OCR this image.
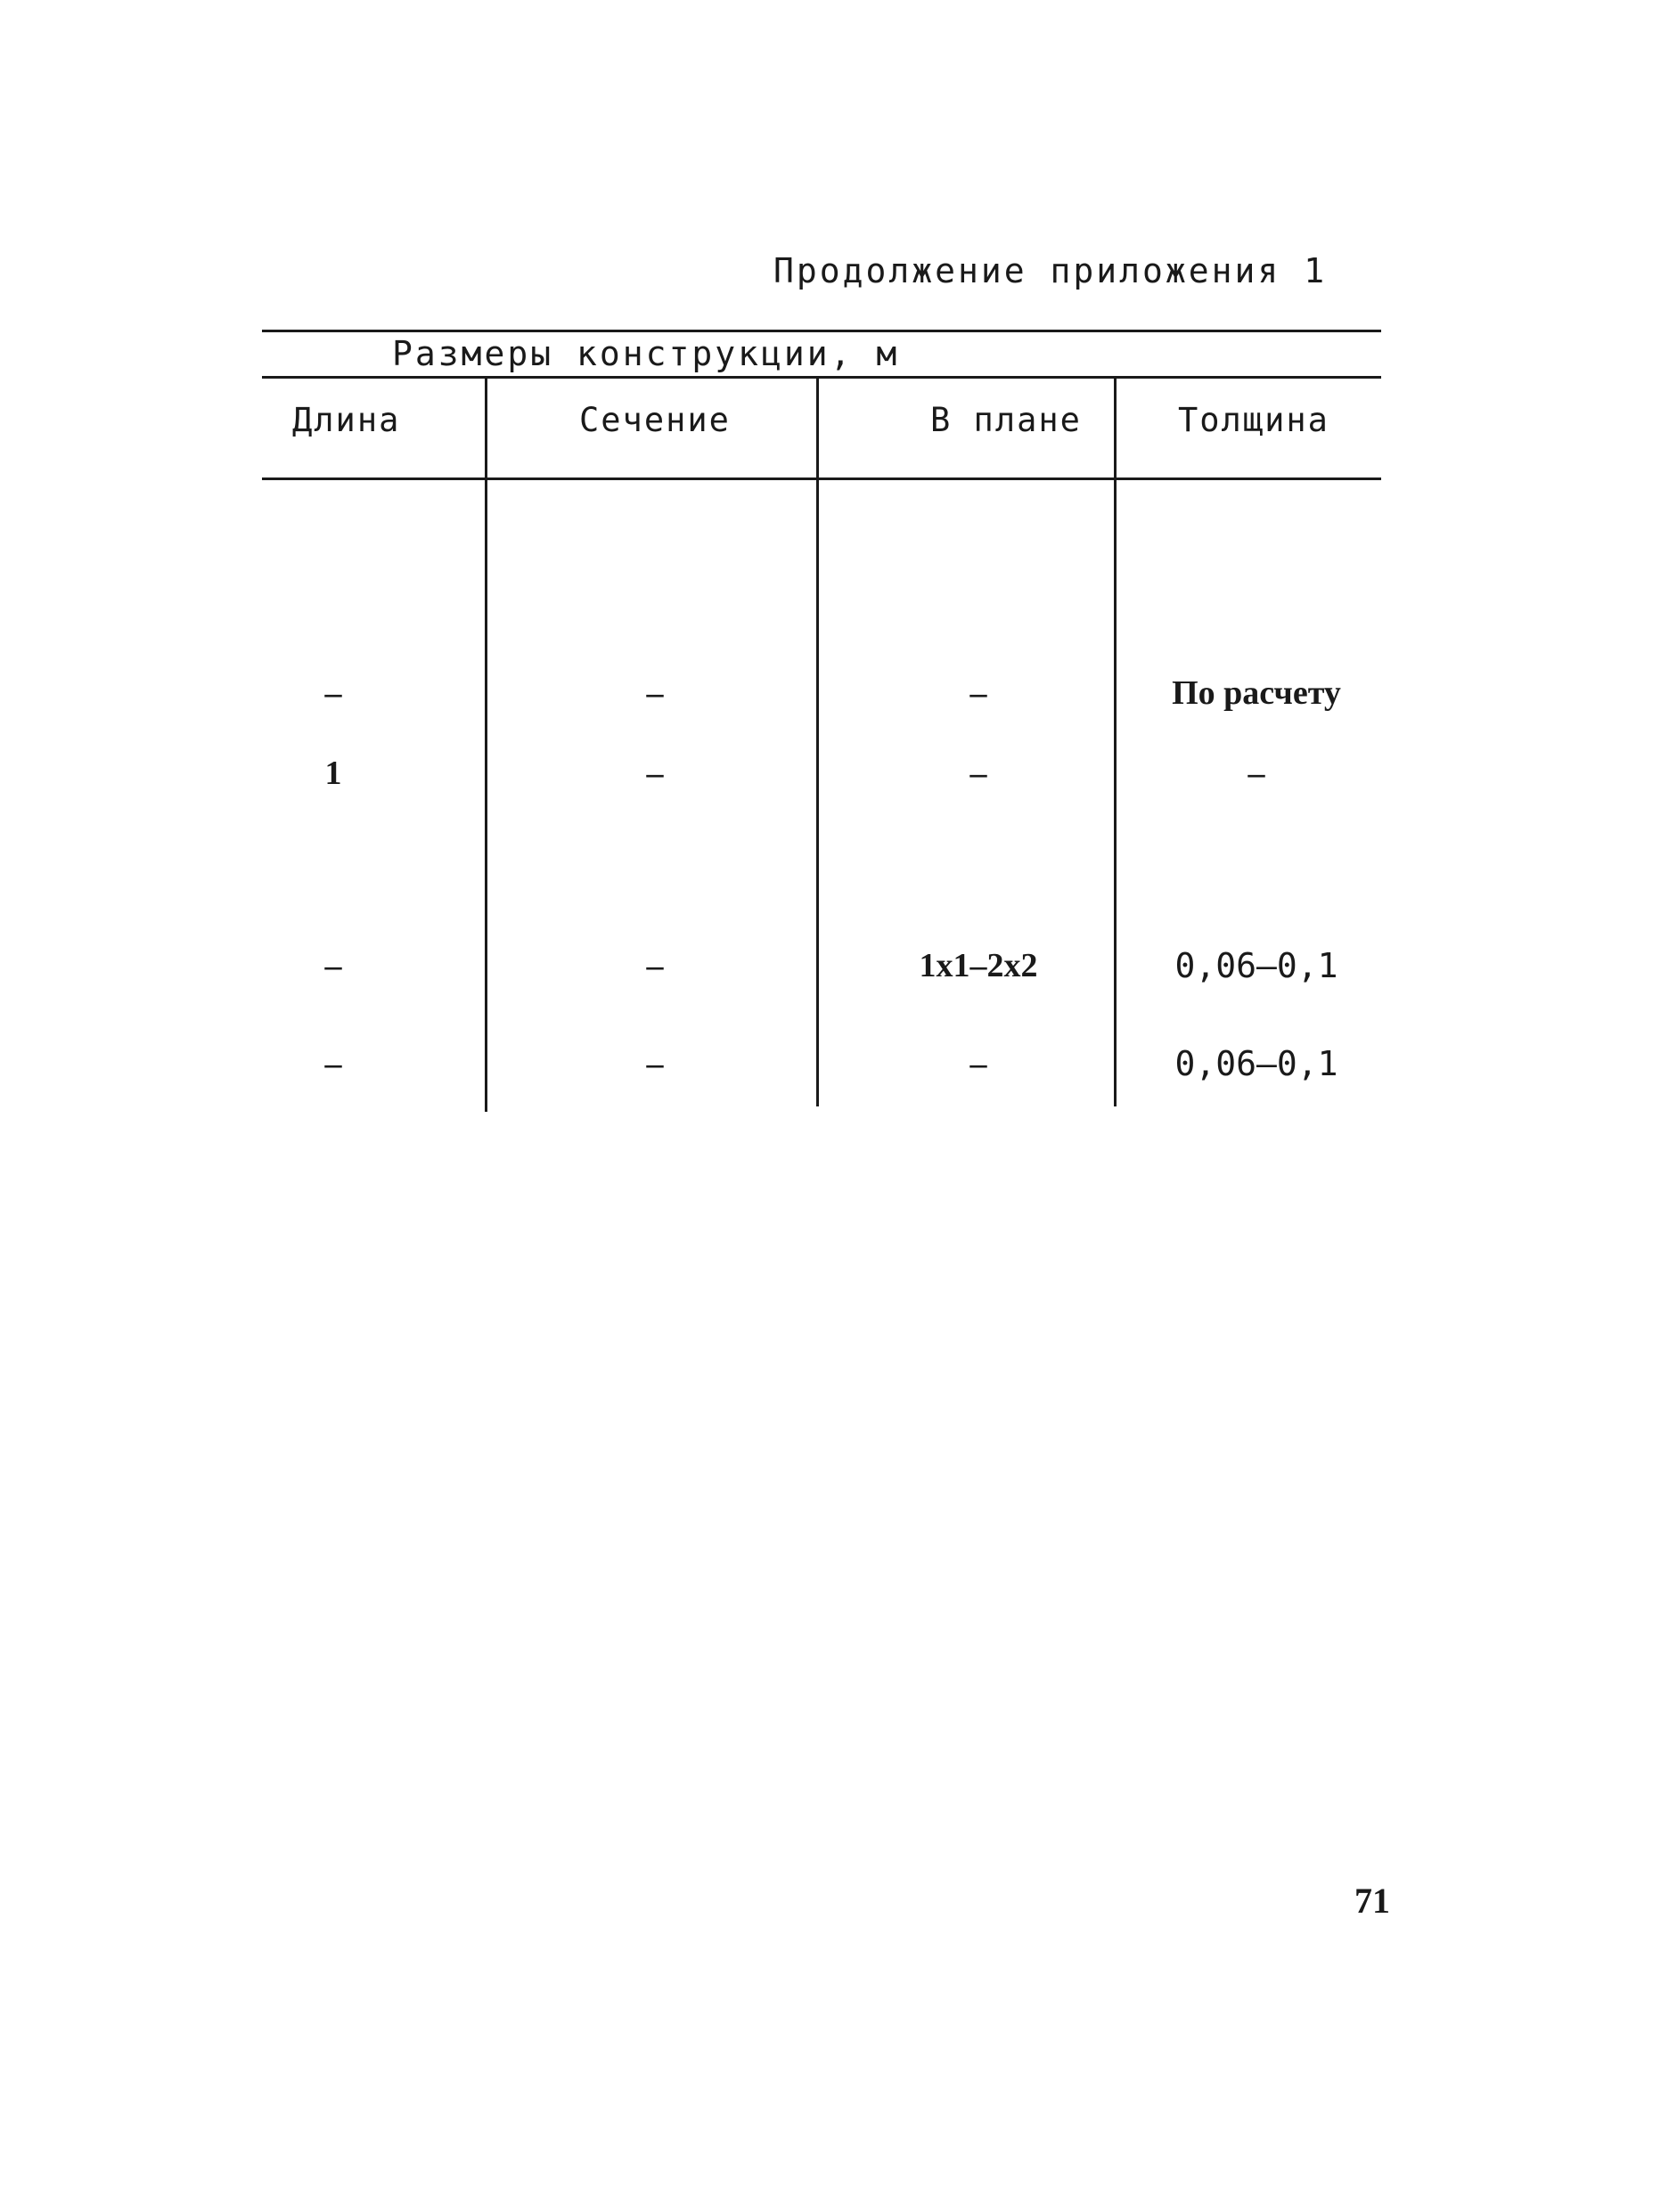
Продолжение приложения 1
Размеры конструкции, м
Длина	Сечение	В плане	Толщина
–	–	–	По расчету
1	–	–	–
–	–	1x1–2x2	0,06–0,1
–	–	–	0,06–0,1
71
